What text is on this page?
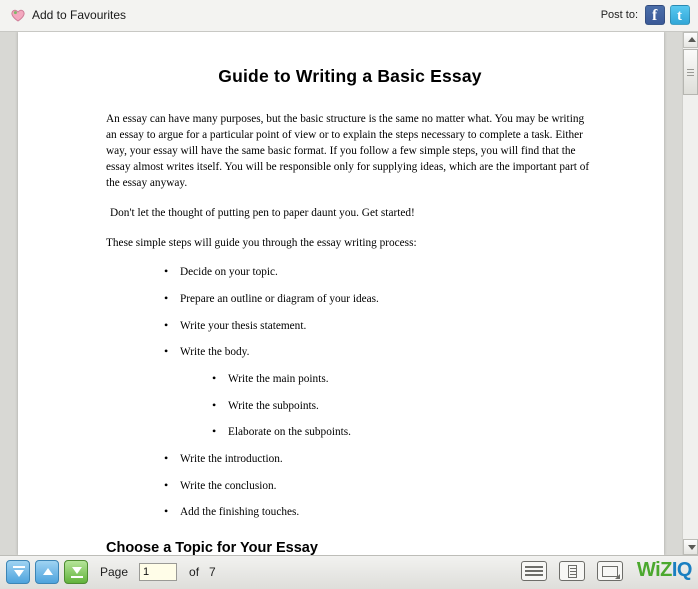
Add to Favourites	Post to:
f
t
Guide to Writing a Basic Essay

An essay can have many purposes, but the basic structure is the same no matter what. You may be writing an essay to argue for a particular point of view or to explain the steps necessary to complete a task. Either way, your essay will have the same basic format. If you follow a few simple steps, you will find that the essay almost writes itself. You will be responsible only for supplying ideas, which are the important part of the essay anyway.

Don't let the thought of putting pen to paper daunt you. Get started!

These simple steps will guide you through the essay writing process:

• Decide on your topic.
• Prepare an outline or diagram of your ideas.
• Write your thesis statement.
• Write the body.
• Write the main points.
• Write the subpoints.
• Elaborate on the subpoints.
• Write the introduction.
• Write the conclusion.
• Add the finishing touches.
Choose a Topic for Your Essay
Page
1	of 7	WiZIQ
